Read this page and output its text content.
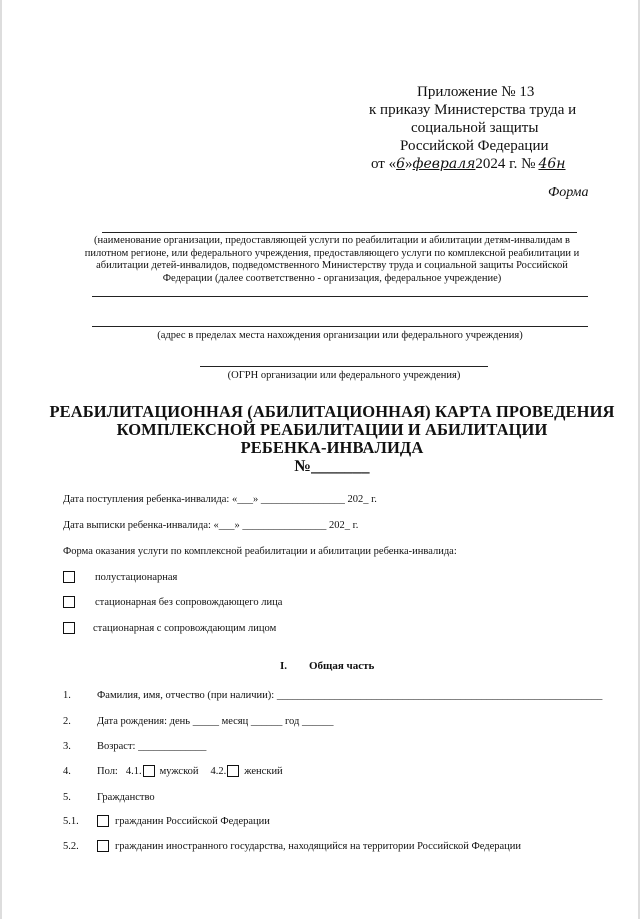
Приложение № 13
к приказу Министерства труда и
социальной защиты
Российской Федерации
от « 6 » февраля 2024 г. № 46н
Форма
(наименование организации, предоставляющей услуги по реабилитации и абилитации детям-инвалидам в пилотном регионе, или федерального учреждения, предоставляющего услуги по комплексной реабилитации и абилитации детей-инвалидов, подведомственного Министерству труда и социальной защиты Российской Федерации (далее соответственно - организация, федеральное учреждение)
(адрес в пределах места нахождения организации или федерального учреждения)
(ОГРН организации или федерального учреждения)
РЕАБИЛИТАЦИОННАЯ (АБИЛИТАЦИОННАЯ) КАРТА ПРОВЕДЕНИЯ
КОМПЛЕКСНОЙ РЕАБИЛИТАЦИИ И АБИЛИТАЦИИ
РЕБЕНКА-ИНВАЛИДА
№_______
Дата поступления ребенка-инвалида: «___» ________________ 202_ г.
Дата выписки ребенка-инвалида: «___» ________________ 202_ г.
Форма оказания услуги по комплексной реабилитации и абилитации ребенка-инвалида:
полустационарная
стационарная без сопровождающего лица
стационарная с сопровождающим лицом
I. Общая часть
1.	Фамилия, имя, отчество (при наличии): ______________________________________________________________
2.	Дата рождения: день _____ месяц ______ год ______
3.	Возраст: _____________
4.	Пол: 4.1. мужской 4.2. женский
5.	Гражданство
5.1.	гражданин Российской Федерации
5.2.	гражданин иностранного государства, находящийся на территории Российской Федерации
